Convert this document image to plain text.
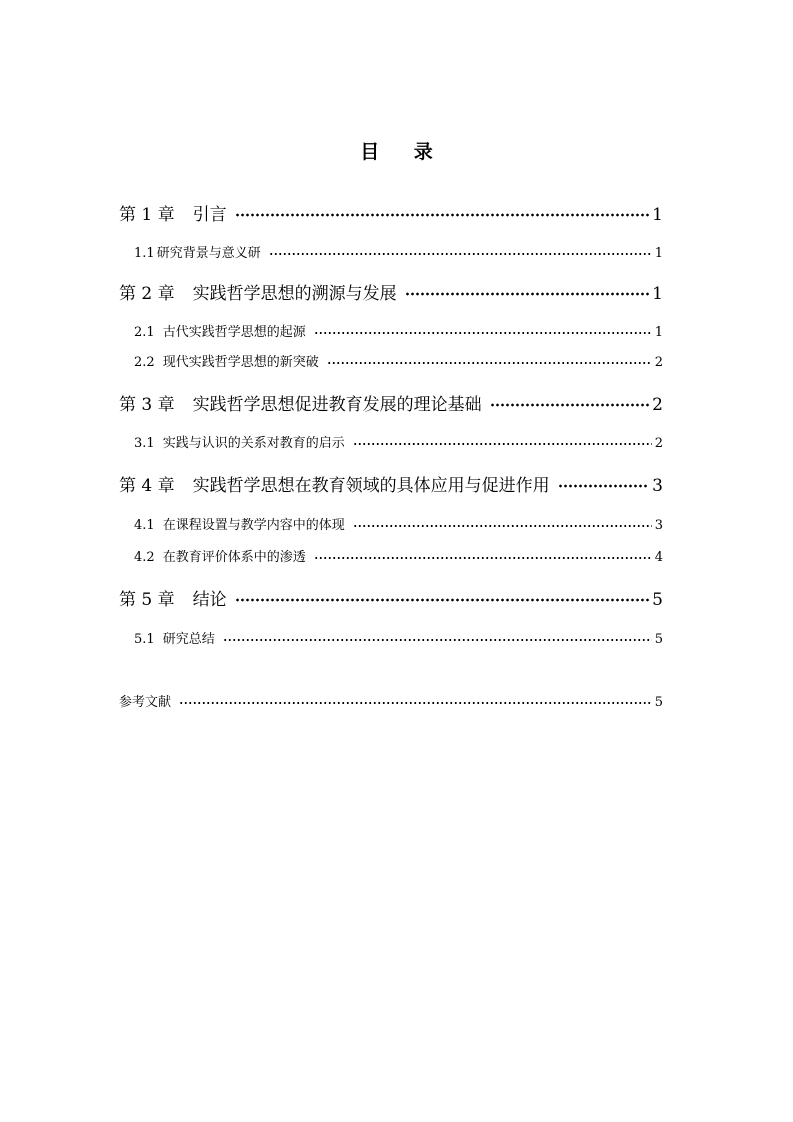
目 录
第 1 章 引言	1
1.1 研究背景与意义研	1
第 2 章 实践哲学思想的溯源与发展	1
2.1 古代实践哲学思想的起源	1
2.2 现代实践哲学思想的新突破	2
第 3 章 实践哲学思想促进教育发展的理论基础	2
3.1 实践与认识的关系对教育的启示	2
第 4 章 实践哲学思想在教育领域的具体应用与促进作用	3
4.1 在课程设置与教学内容中的体现	3
4.2 在教育评价体系中的渗透	4
第 5 章 结论	5
5.1 研究总结	5
参考文献	5
